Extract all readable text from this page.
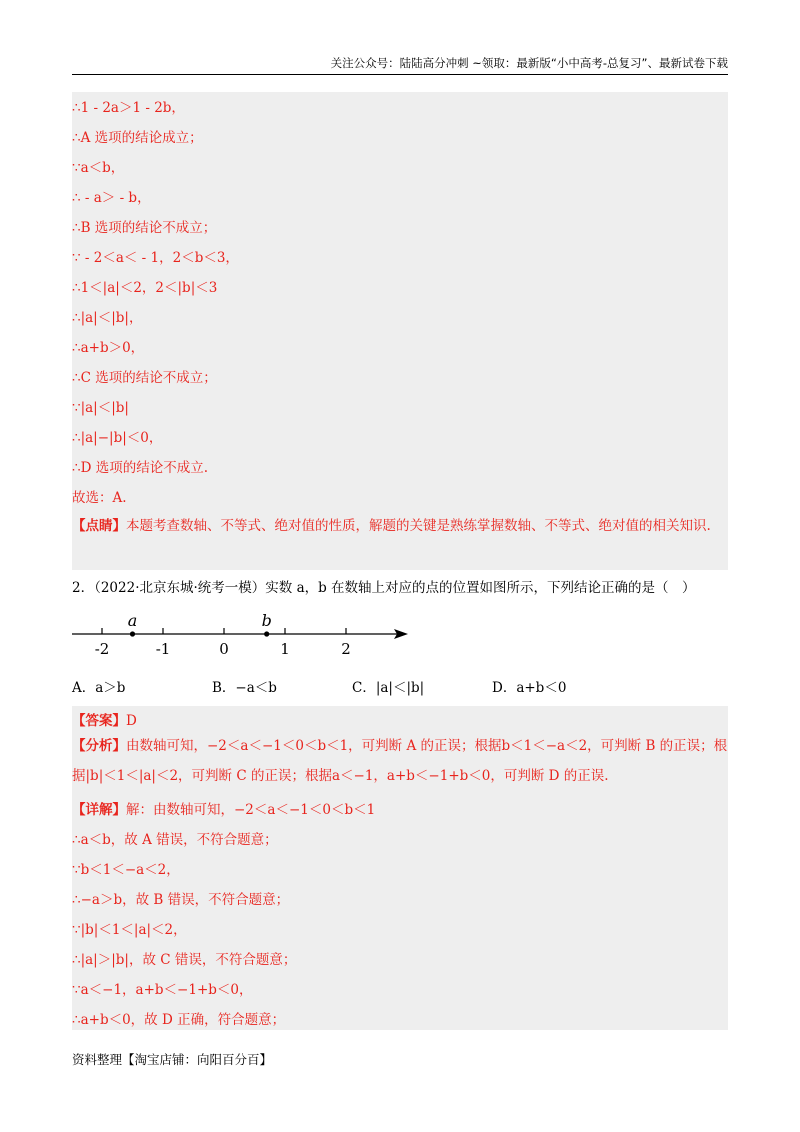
关注公众号：陆陆高分冲刺 ~领取：最新版“小中高考-总复习”、最新试卷下载
∴1 - 2a＞1 - 2b，
∴A 选项的结论成立；
∵a＜b，
∴ - a＞ - b，
∴B 选项的结论不成立；
∵ - 2＜a＜ - 1，2＜b＜3，
∴1＜|a|＜2，2＜|b|＜3
∴|a|＜|b|，
∴a+b＞0，
∴C 选项的结论不成立；
∵|a|＜|b|
∴|a|−|b|＜0，
∴D 选项的结论不成立.
故选：A.
【点睛】本题考查数轴、不等式、绝对值的性质，解题的关键是熟练掌握数轴、不等式、绝对值的相关知识.
2．（2022·北京东城·统考一模）实数 a，b 在数轴上对应的点的位置如图所示，下列结论正确的是（　）
-2	-1	0	1	2
a	b
A．a＞b	B．−a＜b	C．|a|＜|b|	D．a+b＜0
【答案】D
【分析】由数轴可知，−2＜a＜−1＜0＜b＜1，可判断 A 的正误；根据b＜1＜−a＜2，可判断 B 的正误；根据|b|＜1＜|a|＜2，可判断 C 的正误；根据a＜−1，a+b＜−1+b＜0，可判断 D 的正误.
【详解】解：由数轴可知，−2＜a＜−1＜0＜b＜1
∴a＜b，故 A 错误，不符合题意；
∵b＜1＜−a＜2，
∴−a＞b，故 B 错误，不符合题意；
∵|b|＜1＜|a|＜2，
∴|a|＞|b|，故 C 错误，不符合题意；
∵a＜−1，a+b＜−1+b＜0，
∴a+b＜0，故 D 正确，符合题意；
资料整理【淘宝店铺：向阳百分百】
